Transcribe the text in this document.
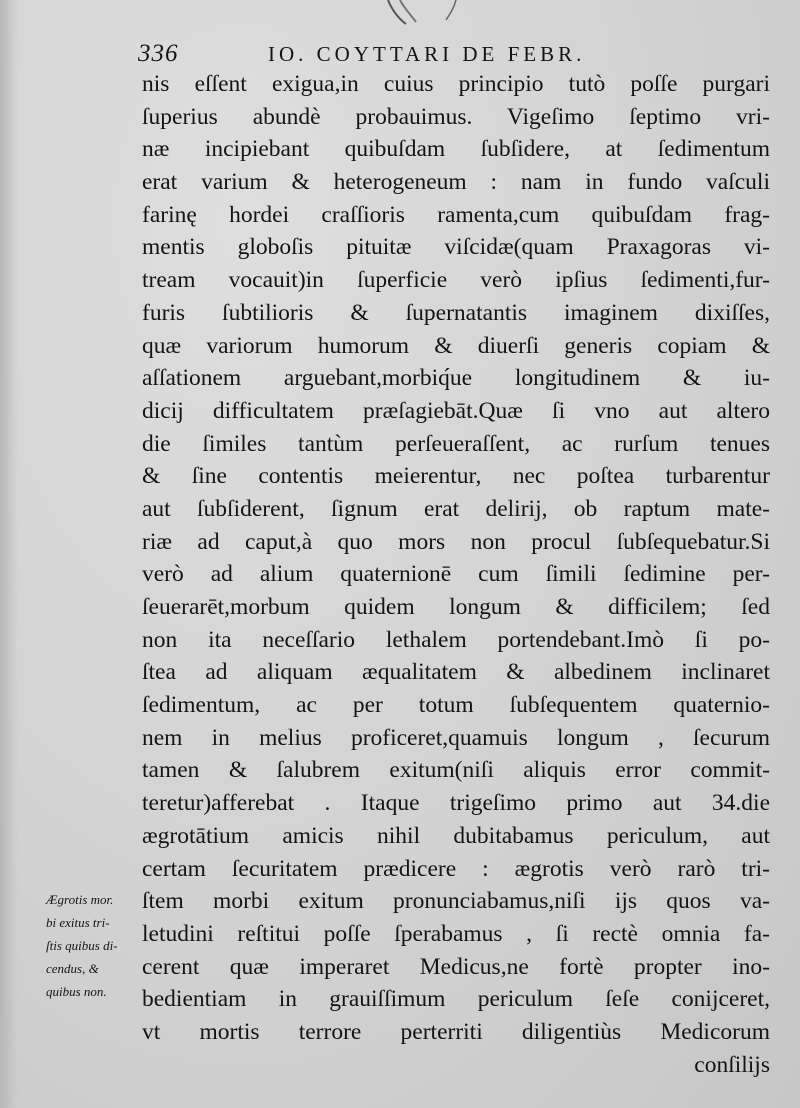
336	IO. COYTTARI DE FEBR.
nis eſſent exigua,in cuius principio tutò poſſe purgari
ſuperius abundè probauimus. Vigeſimo ſeptimo vri-
næ incipiebant quibuſdam ſubſidere, at ſedimentum
erat varium & heterogeneum : nam in fundo vaſculi
farinę hordei craſſioris ramenta,cum quibuſdam frag-
mentis globoſis pituitæ viſcidæ(quam Praxagoras vi-
tream vocauit)in ſuperficie verò ipſius ſedimenti,fur-
furis ſubtilioris & ſupernatantis imaginem dixiſſes,
quæ variorum humorum & diuerſi generis copiam &
aſſationem arguebant,morbiq́ue longitudinem & iu-
dicij difficultatem præſagiebāt.Quæ ſi vno aut altero
die ſimiles tantùm perſeueraſſent, ac rurſum tenues
& ſine contentis meierentur, nec poſtea turbarentur
aut ſubſiderent, ſignum erat delirij, ob raptum mate-
riæ ad caput,à quo mors non procul ſubſequebatur.Si
verò ad alium quaternionē cum ſimili ſedimine per-
ſeuerarēt,morbum quidem longum & difficilem; ſed
non ita neceſſario lethalem portendebant.Imò ſi po-
ſtea ad aliquam æqualitatem & albedinem inclinaret
ſedimentum, ac per totum ſubſequentem quaternio-
nem in melius proficeret,quamuis longum , ſecurum
tamen & ſalubrem exitum(niſi aliquis error commit-
teretur)afferebat . Itaque trigeſimo primo aut 34.die
ægrotātium amicis nihil dubitabamus periculum, aut
certam ſecuritatem prædicere : ægrotis verò rarò tri-
ſtem morbi exitum pronunciabamus,niſi ijs quos va-
letudini reſtitui poſſe ſperabamus , ſi rectè omnia fa-
cerent quæ imperaret Medicus,ne fortè propter ino-
bedientiam in grauiſſimum periculum ſeſe conijceret,
vt mortis terrore perterriti diligentiùs Medicorum
conſilijs
Ægrotis mor.
bi exitus tri-
ſtis quibus di-
cendus, &
quibus non.
